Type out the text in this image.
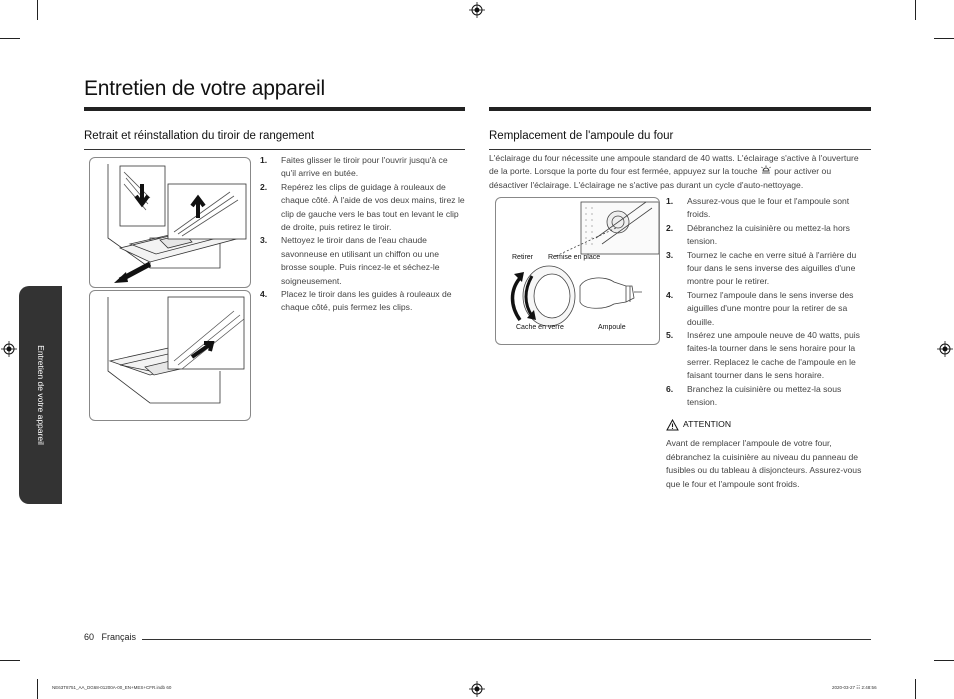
Entretien de votre appareil
Entretien de votre appareil
Retrait et réinstallation du tiroir de rangement
1. Faites glisser le tiroir pour l'ouvrir jusqu'à ce qu'il arrive en butée.
2. Repérez les clips de guidage à rouleaux de chaque côté. À l'aide de vos deux mains, tirez le clip de gauche vers le bas tout en levant le clip de droite, puis retirez le tiroir.
3. Nettoyez le tiroir dans de l'eau chaude savonneuse en utilisant un chiffon ou une brosse souple. Puis rincez-le et séchez-le soigneusement.
4. Placez le tiroir dans les guides à rouleaux de chaque côté, puis fermez les clips.
Remplacement de l'ampoule du four

L'éclairage du four nécessite une ampoule standard de 40 watts. L'éclairage s'active à l'ouverture de la porte. Lorsque la porte du four est fermée, appuyez sur la touche pour activer ou désactiver l'éclairage. L'éclairage ne s'active pas durant un cycle d'auto-nettoyage.

Retirer Remise en place
Cache en verre	Ampoule
1. Assurez-vous que le four et l'ampoule sont froids.
2. Débranchez la cuisinière ou mettez-la hors tension.
3. Tournez le cache en verre situé à l'arrière du four dans le sens inverse des aiguilles d'une montre pour le retirer.
4. Tournez l'ampoule dans le sens inverse des aiguilles d'une montre pour la retirer de sa douille.
5. Insérez une ampoule neuve de 40 watts, puis faites-la tourner dans le sens horaire pour la serrer. Replacez le cache de l'ampoule en le faisant tourner dans le sens horaire.
6. Branchez la cuisinière ou mettez-la sous tension.
ATTENTION
Avant de remplacer l'ampoule de votre four, débranchez la cuisinière au niveau du panneau de fusibles ou du tableau à disjoncteurs. Assurez-vous que le four et l'ampoule sont froids.
60 Français
NE63T8751_AA_DG68-01200A-00_EN+MES+CFR.indb 60	2020-03-27 ☷ 2:48:56
